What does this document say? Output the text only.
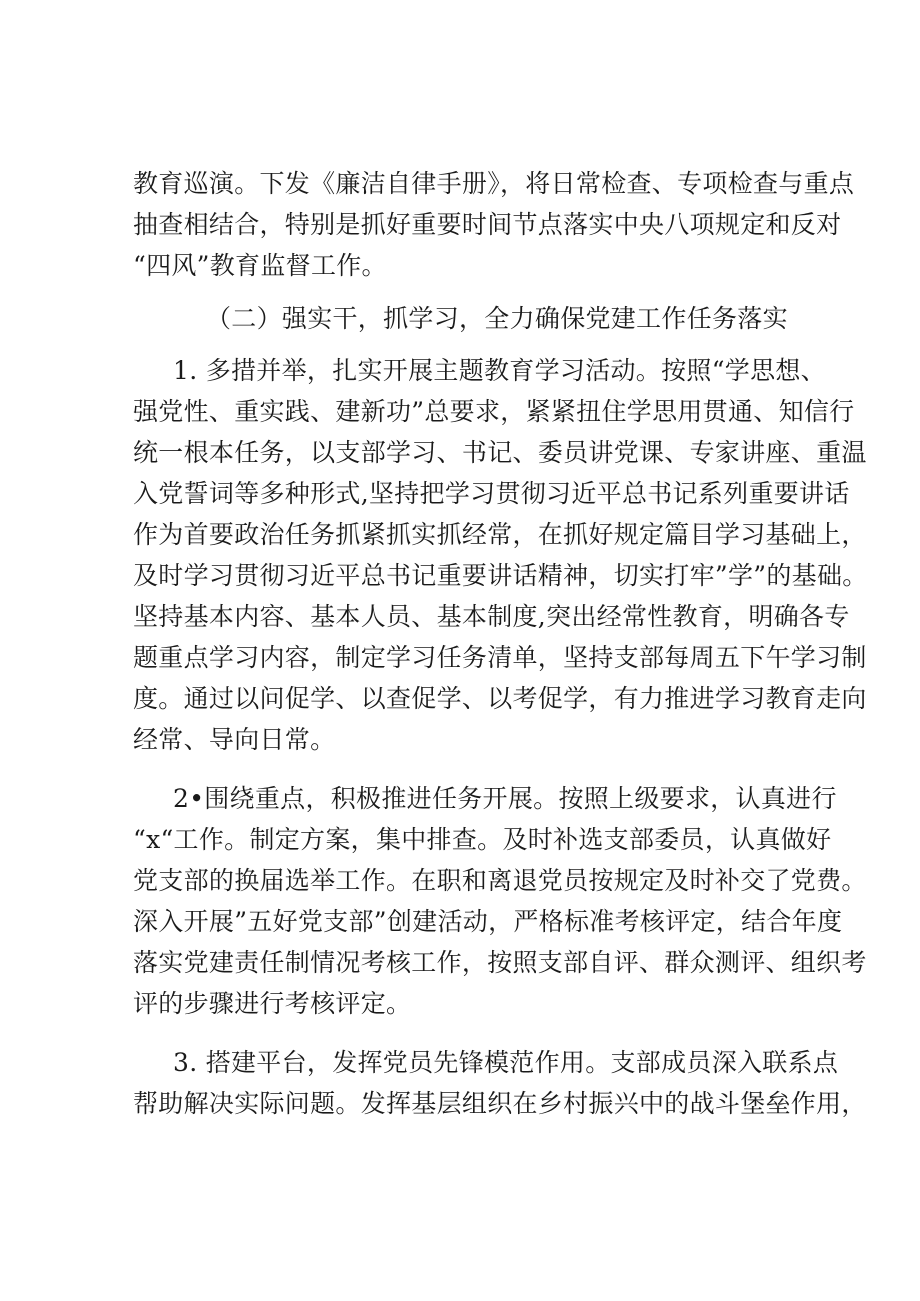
教育巡演。下发《廉洁自律手册》，将日常检查、专项检查与重点
抽查相结合，特别是抓好重要时间节点落实中央八项规定和反对
“四风”教育监督工作。
（二）强实干，抓学习，全力确保党建工作任务落实
1. 多措并举，扎实开展主题教育学习活动。按照“学思想、
强党性、重实践、建新功”总要求，紧紧扭住学思用贯通、知信行
统一根本任务，以支部学习、书记、委员讲党课、专家讲座、重温
入党誓词等多种形式,坚持把学习贯彻习近平总书记系列重要讲话
作为首要政治任务抓紧抓实抓经常，在抓好规定篇目学习基础上，
及时学习贯彻习近平总书记重要讲话精神，切实打牢”学”的基础。
坚持基本内容、基本人员、基本制度,突出经常性教育，明确各专
题重点学习内容，制定学习任务清单，坚持支部每周五下午学习制
度。通过以问促学、以查促学、以考促学，有力推进学习教育走向
经常、导向日常。
2•围绕重点，积极推进任务开展。按照上级要求，认真进行
“x“工作。制定方案，集中排查。及时补选支部委员，认真做好
党支部的换届选举工作。在职和离退党员按规定及时补交了党费。
深入开展”五好党支部”创建活动，严格标准考核评定，结合年度
落实党建责任制情况考核工作，按照支部自评、群众测评、组织考
评的步骤进行考核评定。
3. 搭建平台，发挥党员先锋模范作用。支部成员深入联系点
帮助解决实际问题。发挥基层组织在乡村振兴中的战斗堡垒作用，
